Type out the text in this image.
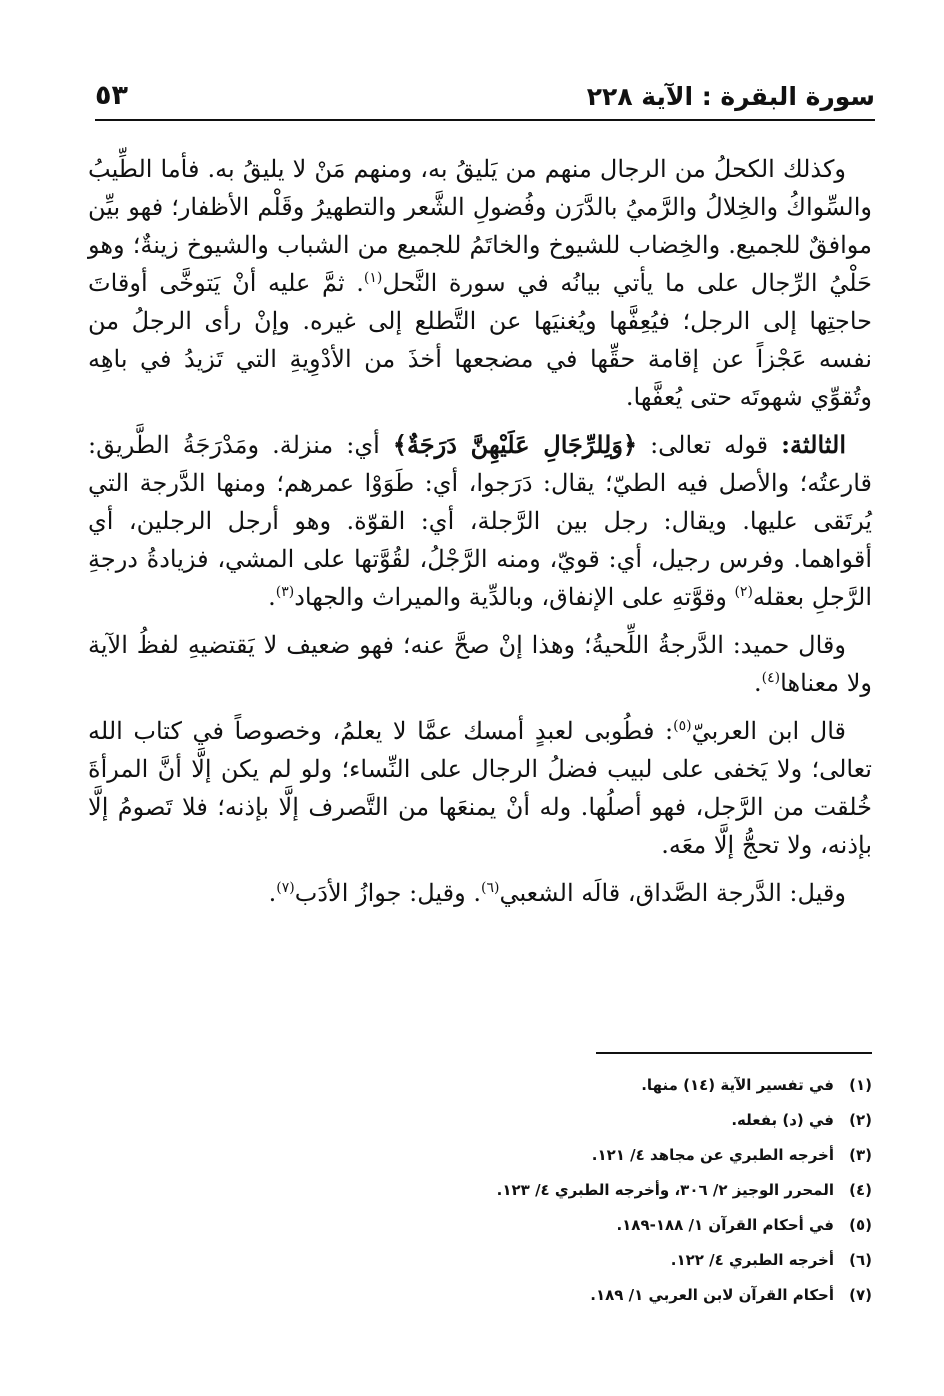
سورة البقرة : الآية ٢٢٨
٥٣

وكذلك الكحلُ من الرجال منهم من يَليقُ به، ومنهم مَنْ لا يليقُ به. فأما الطِّيبُ والسِّواكُ والخِلالُ والرَّميُ بالدَّرَن وفُضولِ الشَّعر والتطهيرُ وقَلْم الأظفار؛ فهو بيِّن موافقٌ للجميع. والخِضاب للشيوخ والخاتَمُ للجميع من الشباب والشيوخ زينةٌ؛ وهو حَلْيُ الرِّجال على ما يأتي بيانُه في سورة النَّحل$^{(١)}$. ثمَّ عليه أنْ يَتوخَّى أوقاتَ حاجتِها إلى الرجل؛ فيُعِفَّها ويُغنيَها عن التَّطلع إلى غيره. وإنْ رأى الرجلُ من نفسه عَجْزاً عن إقامة حقِّها في مضجعها أخذَ من الأدْوِيةِ التي تَزيدُ في باهِه وتُقوِّي شهوتَه حتى يُعفَّها.

الثالثة: قوله تعالى: ﴿وَلِلرِّجَالِ عَلَيْهِنَّ دَرَجَةٌ﴾ أي: منزلة. ومَدْرَجَةُ الطَّريق: قارعتُه؛ والأصل فيه الطيّ؛ يقال: دَرَجوا، أي: طَوَوْا عمرهم؛ ومنها الدَّرجة التي يُرتَقى عليها. ويقال: رجل بين الرَّجلة، أي: القوّة. وهو أرجل الرجلين، أي أقواهما. وفرس رجيل، أي: قويّ، ومنه الرَّجْلُ، لقُوَّتها على المشي، فزيادةُ درجةِ الرَّجلِ بعقله$^{(٢)}$ وقوَّتهِ على الإنفاق، وبالدِّية والميراث والجهاد$^{(٣)}$.

وقال حميد: الدَّرجةُ اللِّحيةُ؛ وهذا إنْ صحَّ عنه؛ فهو ضعيف لا يَقتضيهِ لفظُ الآية ولا معناها$^{(٤)}$.

قال ابن العربيّ$^{(٥)}$: فطُوبى لعبدٍ أمسك عمَّا لا يعلمُ، وخصوصاً في كتاب الله تعالى؛ ولا يَخفى على لبيب فضلُ الرجال على النِّساء؛ ولو لم يكن إلَّا أنَّ المرأةَ خُلقت من الرَّجل، فهو أصلُها. وله أنْ يمنعَها من التَّصرف إلَّا بإذنه؛ فلا تَصومُ إلَّا بإذنه، ولا تحجُّ إلَّا معَه.

وقيل: الدَّرجة الصَّداق، قالَه الشعبي$^{(٦)}$. وقيل: جوازُ الأدَب$^{(٧)}$.

(١)في تفسير الآية (١٤) منها.
(٢)في (د) بفعله.
(٣)أخرجه الطبري عن مجاهد ٤/ ١٢١.
(٤)المحرر الوجيز ٢/ ٣٠٦، وأخرجه الطبري ٤/ ١٢٣.
(٥)في أحكام القرآن ١/ ١٨٨-١٨٩.
(٦)أخرجه الطبري ٤/ ١٢٢.
(٧)أحكام القرآن لابن العربي ١/ ١٨٩.
